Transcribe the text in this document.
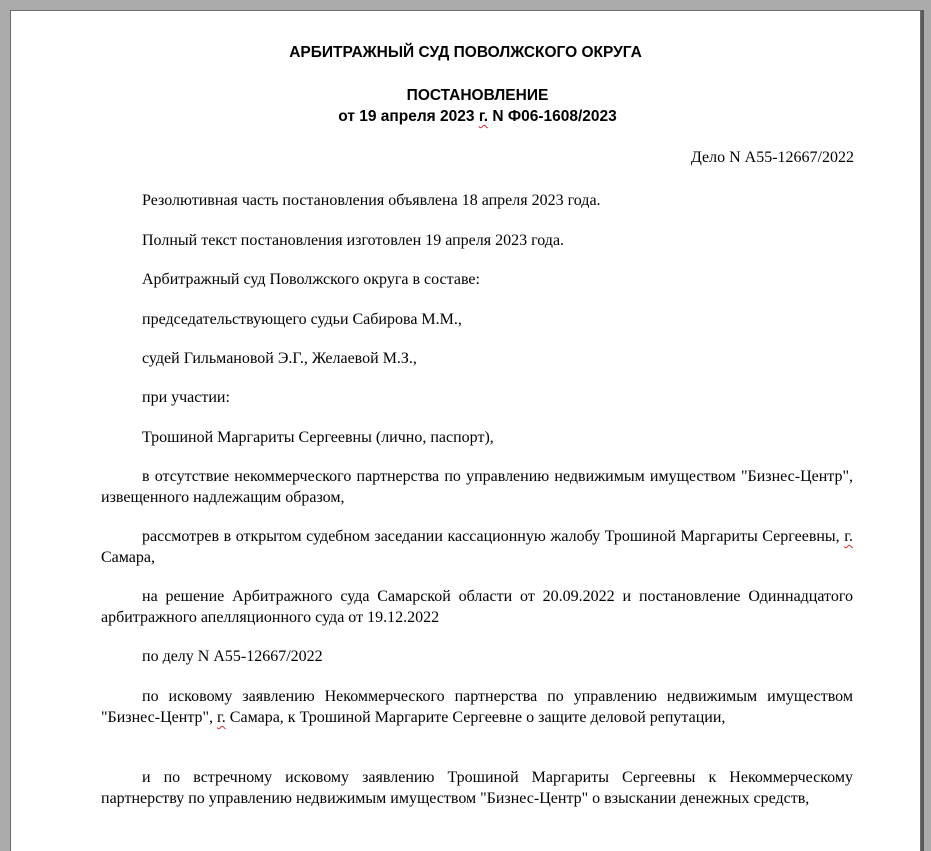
АРБИТРАЖНЫЙ СУД ПОВОЛЖСКОГО ОКРУГА
ПОСТАНОВЛЕНИЕ
от 19 апреля 2023 г. N Ф06-1608/2023
Дело N А55-12667/2022
Резолютивная часть постановления объявлена 18 апреля 2023 года.
Полный текст постановления изготовлен 19 апреля 2023 года.
Арбитражный суд Поволжского округа в составе:
председательствующего судьи Сабирова М.М.,
судей Гильмановой Э.Г., Желаевой М.З.,
при участии:
Трошиной Маргариты Сергеевны (лично, паспорт),
в отсутствие некоммерческого партнерства по управлению недвижимым имуществом "Бизнес-Центр", извещенного надлежащим образом,
рассмотрев в открытом судебном заседании кассационную жалобу Трошиной Маргариты Сергеевны, г. Самара,
на решение Арбитражного суда Самарской области от 20.09.2022 и постановление Одиннадцатого арбитражного апелляционного суда от 19.12.2022
по делу N А55-12667/2022
по исковому заявлению Некоммерческого партнерства по управлению недвижимым имуществом "Бизнес-Центр", г. Самара, к Трошиной Маргарите Сергеевне о защите деловой репутации,
и по встречному исковому заявлению Трошиной Маргариты Сергеевны к Некоммерческому партнерству по управлению недвижимым имуществом "Бизнес-Центр" о взыскании денежных средств,
